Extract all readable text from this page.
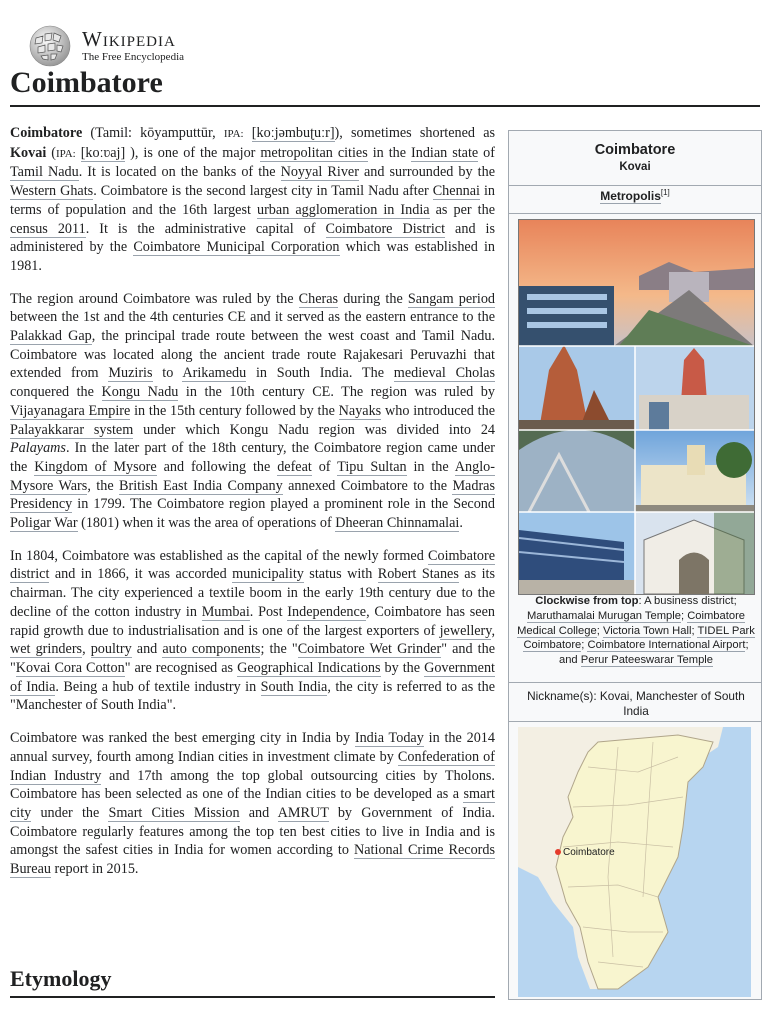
Wikipedia
The Free Encyclopedia
Coimbatore

Coimbatore (Tamil: kōyamputtūr, IPA: [koːjəmbuʈuːr]), sometimes shortened as Kovai (IPA: [koːʋaj] ), is one of the major metropolitan cities in the Indian state of Tamil Nadu. It is located on the banks of the Noyyal River and surrounded by the Western Ghats. Coimbatore is the second largest city in Tamil Nadu after Chennai in terms of population and the 16th largest urban agglomeration in India as per the census 2011. It is the administrative capital of Coimbatore District and is administered by the Coimbatore Municipal Corporation which was established in 1981.

The region around Coimbatore was ruled by the Cheras during the Sangam period between the 1st and the 4th centuries CE and it served as the eastern entrance to the Palakkad Gap, the principal trade route between the west coast and Tamil Nadu. Coimbatore was located along the ancient trade route Rajakesari Peruvazhi that extended from Muziris to Arikamedu in South India. The medieval Cholas conquered the Kongu Nadu in the 10th century CE. The region was ruled by Vijayanagara Empire in the 15th century followed by the Nayaks who introduced the Palayakkarar system under which Kongu Nadu region was divided into 24 Palayams. In the later part of the 18th century, the Coimbatore region came under the Kingdom of Mysore and following the defeat of Tipu Sultan in the Anglo-Mysore Wars, the British East India Company annexed Coimbatore to the Madras Presidency in 1799. The Coimbatore region played a prominent role in the Second Poligar War (1801) when it was the area of operations of Dheeran Chinnamalai.

In 1804, Coimbatore was established as the capital of the newly formed Coimbatore district and in 1866, it was accorded municipality status with Robert Stanes as its chairman. The city experienced a textile boom in the early 19th century due to the decline of the cotton industry in Mumbai. Post Independence, Coimbatore has seen rapid growth due to industrialisation and is one of the largest exporters of jewellery, wet grinders, poultry and auto components; the "Coimbatore Wet Grinder" and the "Kovai Cora Cotton" are recognised as Geographical Indications by the Government of India. Being a hub of textile industry in South India, the city is referred to as the "Manchester of South India".

Coimbatore was ranked the best emerging city in India by India Today in the 2014 annual survey, fourth among Indian cities in investment climate by Confederation of Indian Industry and 17th among the top global outsourcing cities by Tholons. Coimbatore has been selected as one of the Indian cities to be developed as a smart city under the Smart Cities Mission and AMRUT by Government of India. Coimbatore regularly features among the top ten best cities to live in India and is amongst the safest cities in India for women according to National Crime Records Bureau report in 2015.

Etymology
Coimbatore
Kovai
Metropolis[1]
Clockwise from top: A business district; Maruthamalai Murugan Temple; Coimbatore Medical College; Victoria Town Hall; TIDEL Park Coimbatore; Coimbatore International Airport; and Perur Pateeswarar Temple
Nickname(s): Kovai, Manchester of South India
Coimbatore
